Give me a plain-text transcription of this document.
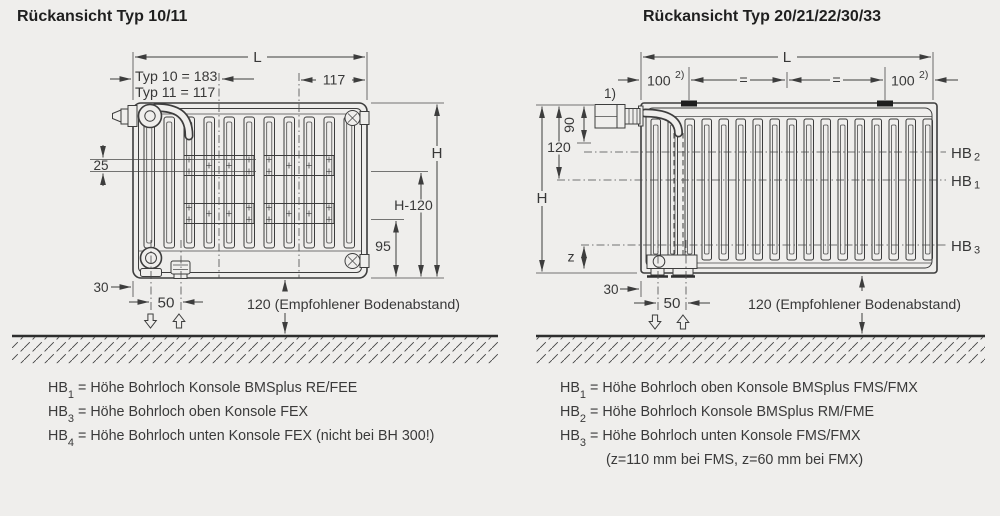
Rückansicht Typ 10/11	Rückansicht Typ 20/21/22/30/33
L
Typ 10 = 183
Typ 11 = 117
117
25
H
H-120
95
30
50	120 (Empfohlener Bodenabstand)
1)
L
100 2)	=	=	100 2)
H
120
90
z
HB 2
HB 1
HB 3
30
50	120 (Empfohlener Bodenabstand)
$HB_1$ = Höhe Bohrloch Konsole BMSplus RE/FEE
$HB_3$ = Höhe Bohrloch oben Konsole FEX
$HB_4$ = Höhe Bohrloch unten Konsole FEX (nicht bei BH 300!)
$HB_1$ = Höhe Bohrloch oben Konsole BMSplus FMS/FMX
$HB_2$ = Höhe Bohrloch Konsole BMSplus RM/FME
$HB_3$ = Höhe Bohrloch unten Konsole FMS/FMX
(z=110 mm bei FMS, z=60 mm bei FMX)
